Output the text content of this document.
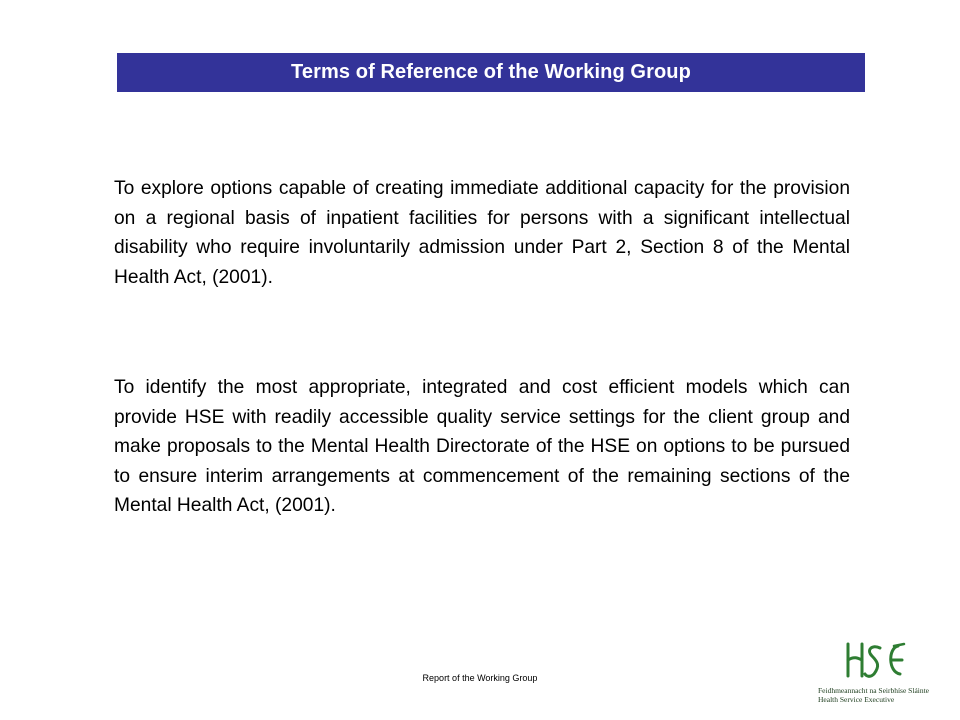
Terms of Reference of the Working Group

To explore options capable of creating immediate additional capacity for the provision on a regional basis of inpatient facilities for persons with a significant intellectual disability who require involuntarily admission under Part 2, Section 8 of the Mental Health Act, (2001).

To identify the most appropriate, integrated and cost efficient models which can provide HSE with readily accessible quality service settings for the client group and make proposals to the Mental Health Directorate of the HSE on options to be pursued to ensure interim arrangements at commencement of the remaining sections of the Mental Health Act, (2001).

Report of the Working Group
Feidhmeannacht na Seirbhíse Sláinte
Health Service Executive
